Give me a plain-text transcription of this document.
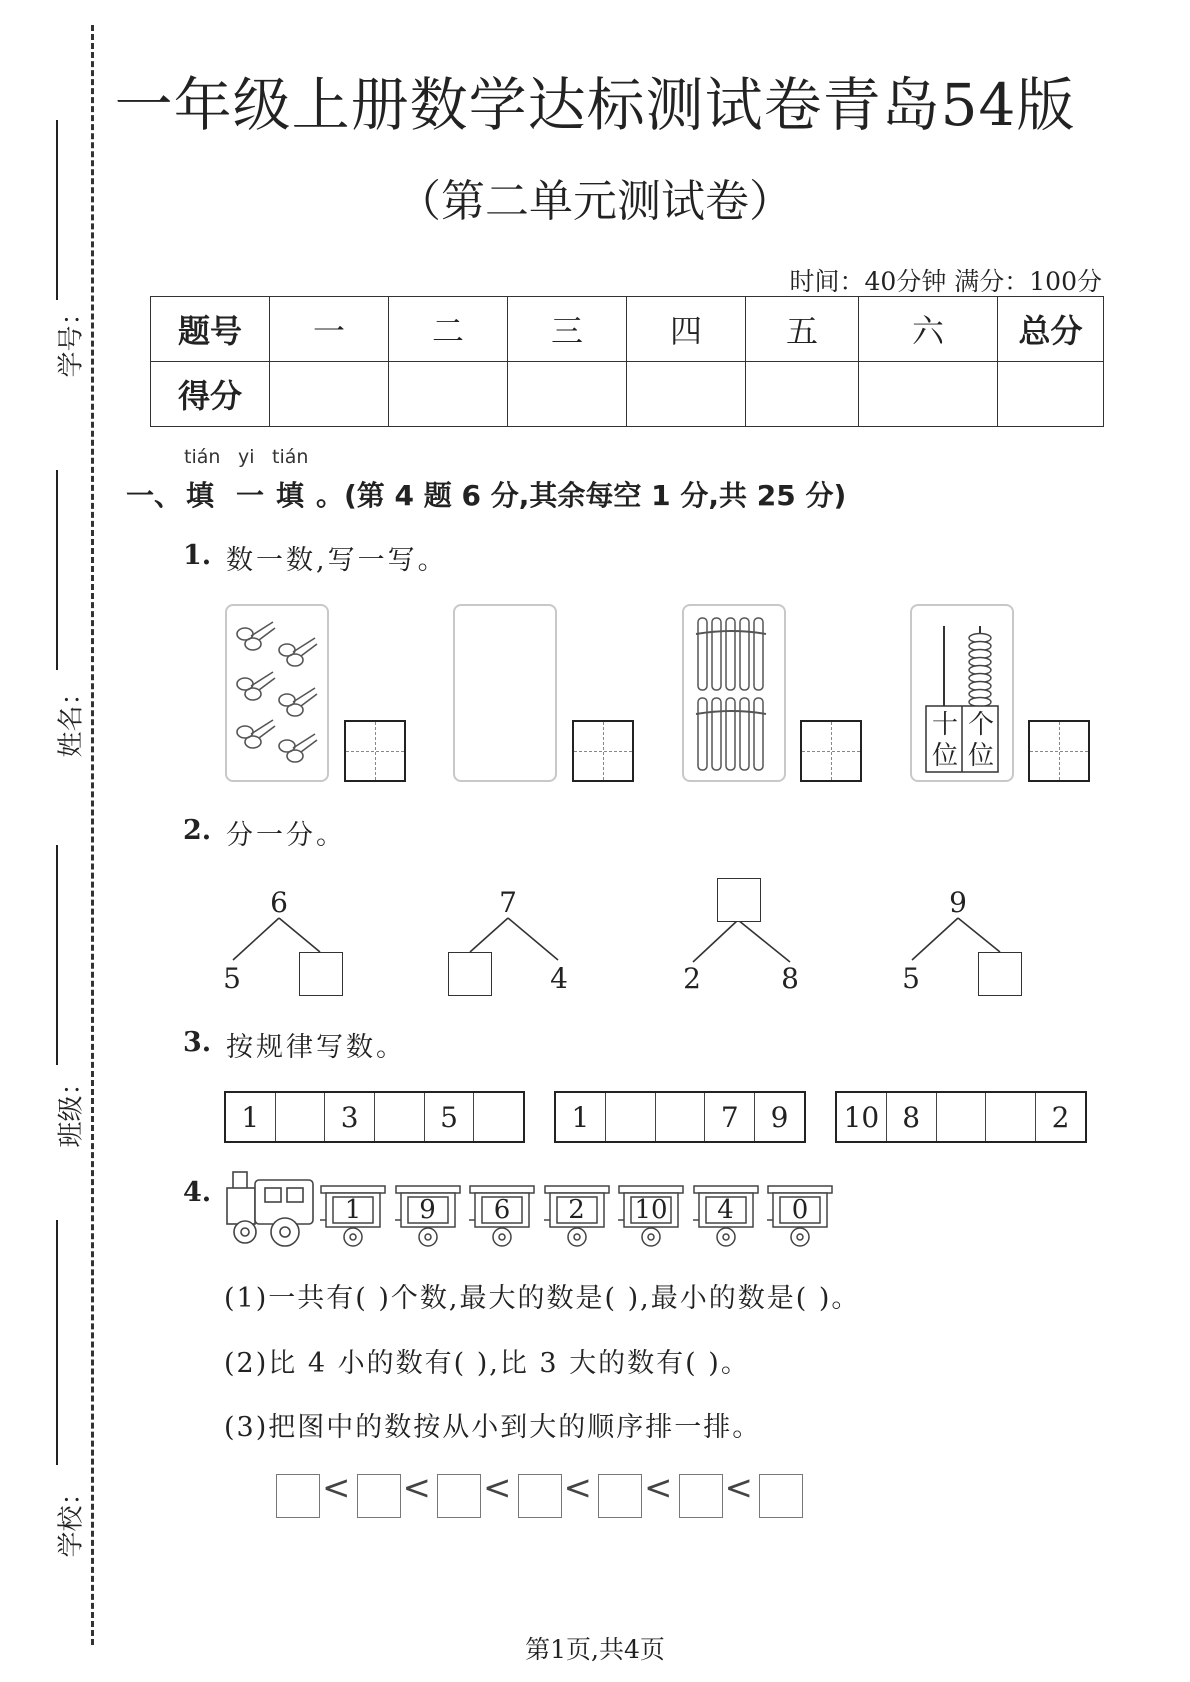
学号：
姓名：
班级：
学校：
一年级上册数学达标测试卷青岛54版
（第二单元测试卷）
时间：40分钟 满分：100分
题号	一	二	三	四	五	六	总分
得分							
tián yi tián
一、 填 一 填 。(第 4 题 6 分,其余每空 1 分,共 25 分)
1. 数一数,写一写。
十
位
个
位
2. 分一分。
6
5
7
4	2	8
9
5
3. 按规律写数。
1	3	5	1	7	9	10 8	2
4.
1	9	6	2	10	4	0
(1)一共有( )个数,最大的数是( ),最小的数是( )。
(2)比 4 小的数有( ),比 3 大的数有( )。
(3)把图中的数按从小到大的顺序排一排。
< < < < < <
第1页,共4页
